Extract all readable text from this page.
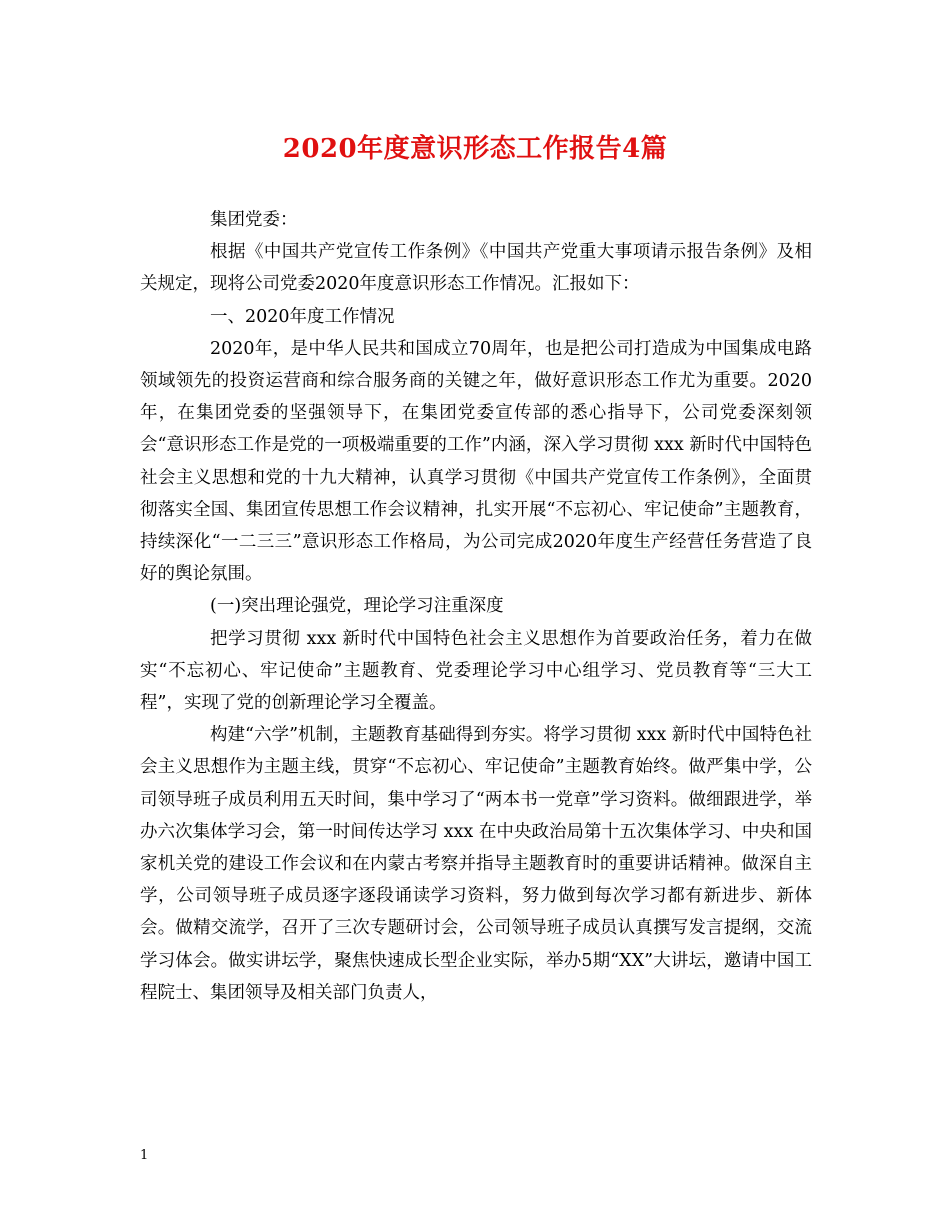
2020年度意识形态工作报告4篇

集团党委：

根据《中国共产党宣传工作条例》《中国共产党重大事项请示报告条例》及相关规定，现将公司党委2020年度意识形态工作情况。汇报如下：

一、2020年度工作情况

2020年，是中华人民共和国成立70周年，也是把公司打造成为中国集成电路领域领先的投资运营商和综合服务商的关键之年，做好意识形态工作尤为重要。2020年，在集团党委的坚强领导下，在集团党委宣传部的悉心指导下，公司党委深刻领会“意识形态工作是党的一项极端重要的工作”内涵，深入学习贯彻 xxx 新时代中国特色社会主义思想和党的十九大精神，认真学习贯彻《中国共产党宣传工作条例》，全面贯彻落实全国、集团宣传思想工作会议精神，扎实开展“不忘初心、牢记使命”主题教育，持续深化“一二三三”意识形态工作格局，为公司完成2020年度生产经营任务营造了良好的舆论氛围。

(一)突出理论强党，理论学习注重深度

把学习贯彻 xxx 新时代中国特色社会主义思想作为首要政治任务，着力在做实“不忘初心、牢记使命”主题教育、党委理论学习中心组学习、党员教育等“三大工程”，实现了党的创新理论学习全覆盖。

构建“六学”机制，主题教育基础得到夯实。将学习贯彻 xxx 新时代中国特色社会主义思想作为主题主线，贯穿“不忘初心、牢记使命”主题教育始终。做严集中学，公司领导班子成员利用五天时间，集中学习了“两本书一党章”学习资料。做细跟进学，举办六次集体学习会，第一时间传达学习 xxx 在中央政治局第十五次集体学习、中央和国家机关党的建设工作会议和在内蒙古考察并指导主题教育时的重要讲话精神。做深自主学，公司领导班子成员逐字逐段诵读学习资料，努力做到每次学习都有新进步、新体会。做精交流学，召开了三次专题研讨会，公司领导班子成员认真撰写发言提纲，交流学习体会。做实讲坛学，聚焦快速成长型企业实际，举办5期“XX”大讲坛，邀请中国工程院士、集团领导及相关部门负责人，

1
